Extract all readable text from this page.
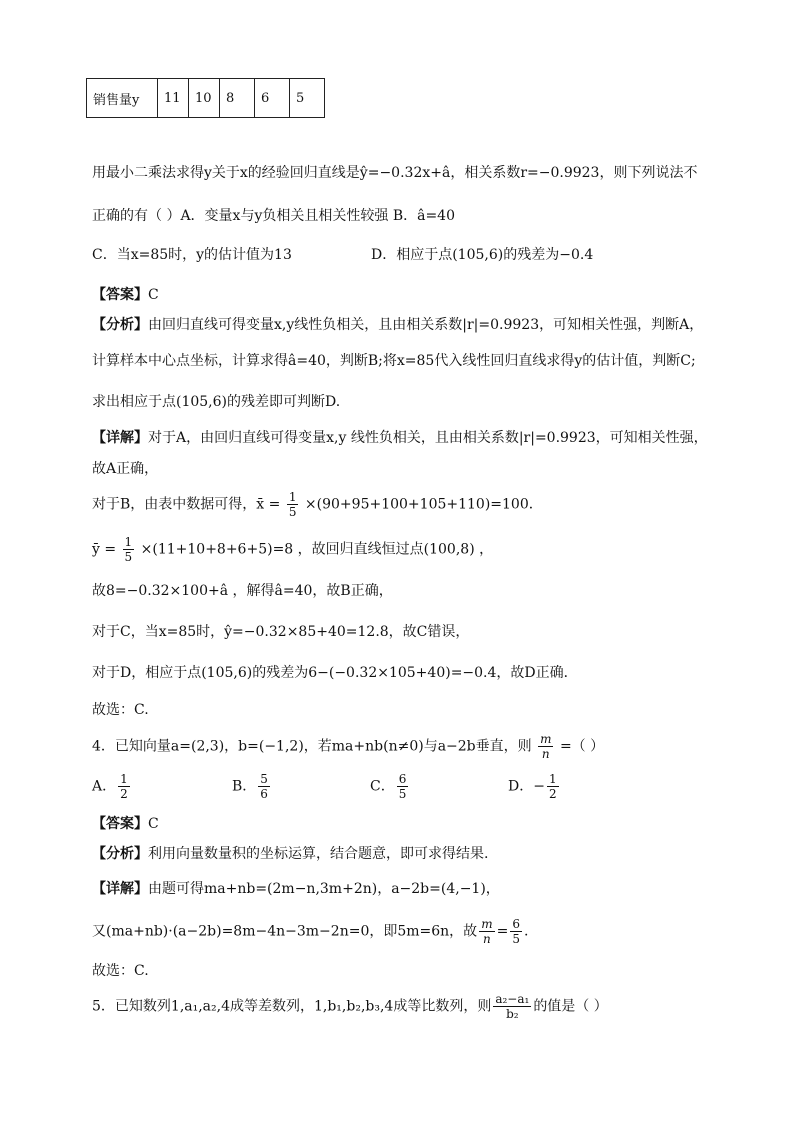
销售量y	11	10	8	6	5
用最小二乘法求得y关于x的经验回归直线是ŷ=−0.32x+â，相关系数r=−0.9923，则下列说法不
正确的有（ ）A．变量x与y负相关且相关性较强 B．â=40
C．当x=85时，y的估计值为13	D．相应于点(105,6)的残差为−0.4
【答案】C
【分析】由回归直线可得变量x,y线性负相关，且由相关系数|r|=0.9923，可知相关性强，判断A，
计算样本中心点坐标，计算求得â=40，判断B;将x=85代入线性回归直线求得y的估计值，判断C;
求出相应于点(105,6)的残差即可判断D.
【详解】对于A，由回归直线可得变量x,y 线性负相关，且由相关系数|r|=0.9923，可知相关性强，
故A正确，
对于B，由表中数据可得，x̄ = $\frac{1}{5} \times(90+95+100+105+110)=100$．
ȳ = $\frac{1}{5} \times(11+10+8+6+5)=8$ ，故回归直线恒过点(100,8) ，
故8=−0.32×100+â ，解得â=40，故B正确，
对于C，当x=85时，ŷ=−0.32×85+40=12.8，故C错误，
对于D，相应于点(105,6)的残差为6−(−0.32×105+40)=−0.4，故D正确．
故选：C.
4．已知向量a=(2,3)，b=(−1,2)，若ma+nb(n≠0)与a−2b垂直，则 $\frac{m}{n}$ =（ ）
A． $\frac{1}{2}$	B． $\frac{5}{6}$	C． $\frac{6}{5}$	D．− $\frac{1}{2}$
【答案】C
【分析】利用向量数量积的坐标运算，结合题意，即可求得结果.
【详解】由题可得ma+nb=(2m−n,3m+2n)，a−2b=(4,−1)，
又(ma+nb)·(a−2b)=8m−4n−3m−2n=0，即5m=6n，故 $\frac{m}{n} = \frac{6}{5}$ .
故选：C.
5．已知数列1,a₁,a₂,4成等差数列，1,b₁,b₂,b₃,4成等比数列，则 $\frac{\text{a₂−a₁}}{\text{b₂}}$ 的值是（ ）
